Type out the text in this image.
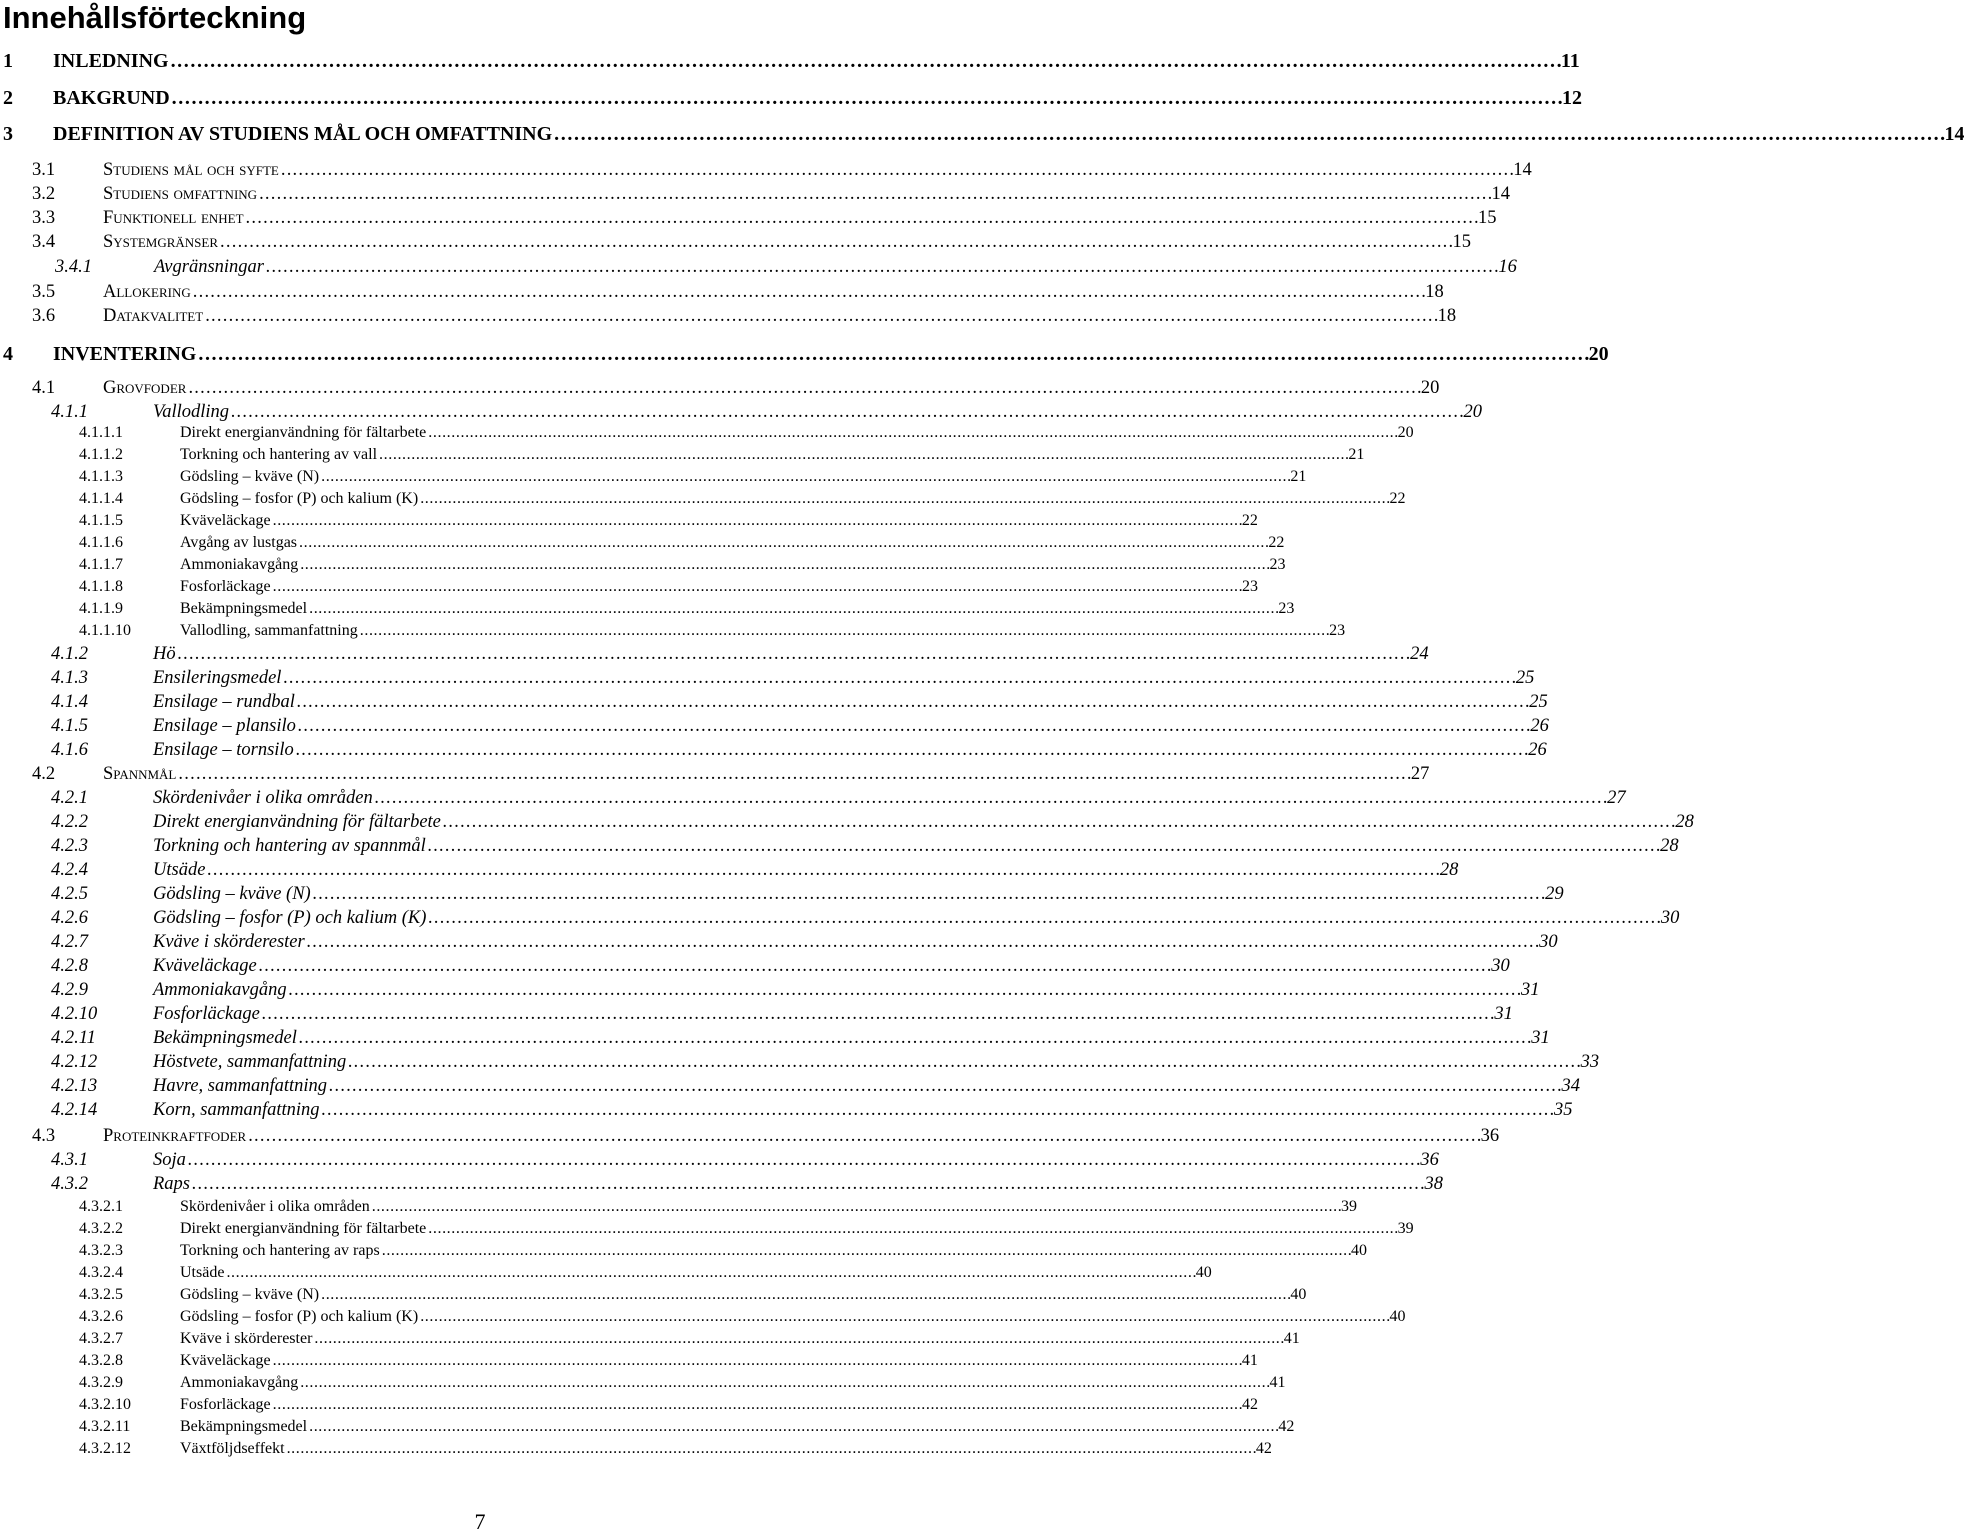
Innehållsförteckning
1 INLEDNING . . .	11
2 BAKGRUND . . .	12
3 DEFINITION AV STUDIENS MÅL OCH OMFATTNING . . .	14
3.1	Studiens mål och syfte . . .	14
3.2	Studiens omfattning . . .	14
3.3	Funktionell enhet . . .	15
3.4	Systemgränser . . .	15
3.4.1	Avgränsningar . . .	16
3.5	Allokering . . .	18
3.6	Datakvalitet . . .	18
4 INVENTERING . . .	20
4.1	Grovfoder . . .	20
4.1.1	Vallodling . . .	20
4.1.1.1	Direkt energianvändning för fältarbete . . .	20
4.1.1.2	Torkning och hantering av vall . . .	21
4.1.1.3	Gödsling – kväve (N) . . .	21
4.1.1.4	Gödsling – fosfor (P) och kalium (K) . . .	22
4.1.1.5	Kväveläckage . . .	22
4.1.1.6	Avgång av lustgas . . .	22
4.1.1.7	Ammoniakavgång . . .	23
4.1.1.8	Fosforläckage . . .	23
4.1.1.9	Bekämpningsmedel . . .	23
4.1.1.10	Vallodling, sammanfattning . . .	23
4.1.2	Hö . . .	24
4.1.3	Ensileringsmedel . . .	25
4.1.4	Ensilage – rundbal . . .	25
4.1.5	Ensilage – plansilo . . .	26
4.1.6	Ensilage – tornsilo . . .	26
4.2	Spannmål . . .	27
4.2.1	Skördenivåer i olika områden . . .	27
4.2.2	Direkt energianvändning för fältarbete . . .	28
4.2.3	Torkning och hantering av spannmål . . .	28
4.2.4	Utsäde . . .	28
4.2.5	Gödsling – kväve (N) . . .	29
4.2.6	Gödsling – fosfor (P) och kalium (K) . . .	30
4.2.7	Kväve i skörderester . . .	30
4.2.8	Kväveläckage . . .	30
4.2.9	Ammoniakavgång . . .	31
4.2.10	Fosforläckage . . .	31
4.2.11	Bekämpningsmedel . . .	31
4.2.12	Höstvete, sammanfattning . . .	33
4.2.13	Havre, sammanfattning . . .	34
4.2.14	Korn, sammanfattning . . .	35
4.3	Proteinkraftfoder . . .	36
4.3.1	Soja . . .	36
4.3.2	Raps . . .	38
4.3.2.1	Skördenivåer i olika områden . . .	39
4.3.2.2	Direkt energianvändning för fältarbete . . .	39
4.3.2.3	Torkning och hantering av raps . . .	40
4.3.2.4	Utsäde . . .	40
4.3.2.5	Gödsling – kväve (N) . . .	40
4.3.2.6	Gödsling – fosfor (P) och kalium (K) . . .	40
4.3.2.7	Kväve i skörderester . . .	41
4.3.2.8	Kväveläckage . . .	41
4.3.2.9	Ammoniakavgång . . .	41
4.3.2.10	Fosforläckage . . .	42
4.3.2.11	Bekämpningsmedel . . .	42
4.3.2.12	Växtföljdseffekt . . .	42
7
